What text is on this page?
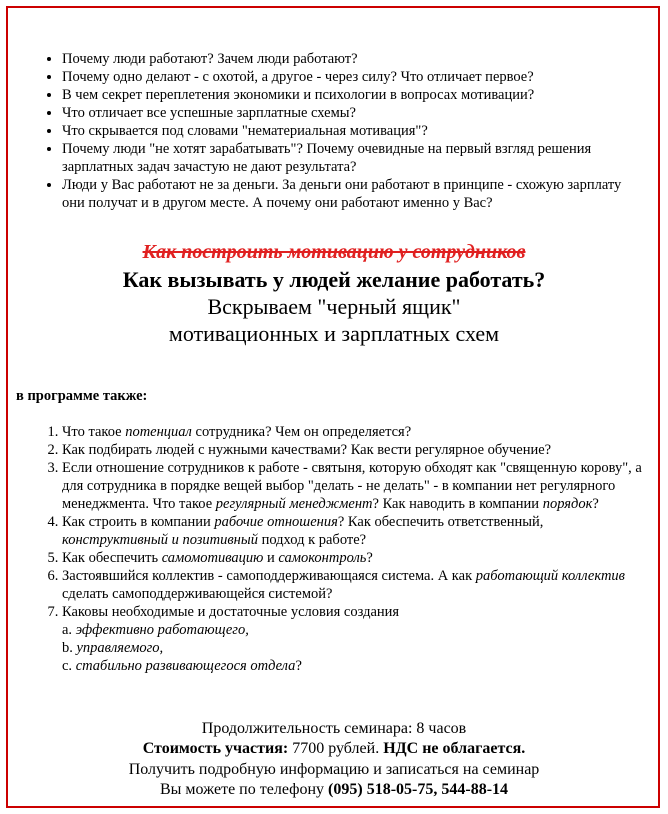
• Почему люди работают? Зачем люди работают?
• Почему одно делают - с охотой, а другое - через силу? Что отличает первое?
• В чем секрет переплетения экономики и психологии в вопросах мотивации?
• Что отличает все успешные зарплатные схемы?
• Что скрывается под словами "нематериальная мотивация"?
• Почему люди "не хотят зарабатывать"? Почему очевидные на первый взгляд решения зарплатных задач зачастую не дают результата?
• Люди у Вас работают не за деньги. За деньги они работают в принципе - схожую зарплату они получат и в другом месте. А почему они работают именно у Вас?
Как построить мотивацию у сотрудников
Как вызывать у людей желание работать?
Вскрываем "черный ящик"
мотивационных и зарплатных схем
в программе также:
1. Что такое потенциал сотрудника? Чем он определяется?
2. Как подбирать людей с нужными качествами? Как вести регулярное обучение?
3. Если отношение сотрудников к работе - святыня, которую обходят как "священную корову", а для сотрудника в порядке вещей выбор "делать - не делать" - в компании нет регулярного менеджмента. Что такое регулярный менеджмент? Как наводить в компании порядок?
4. Как строить в компании рабочие отношения? Как обеспечить ответственный, конструктивный и позитивный подход к работе?
5. Как обеспечить самомотивацию и самоконтроль?
6. Застоявшийся коллектив - самоподдерживающаяся система. А как работающий коллектив сделать самоподдерживающейся системой?
7. Каковы необходимые и достаточные условия создания
a. эффективно работающего,
b. управляемого,
c. стабильно развивающегося отдела?
Продолжительность семинара: 8 часов
Стоимость участия: 7700 рублей. НДС не облагается.
Получить подробную информацию и записаться на семинар
Вы можете по телефону (095) 518-05-75, 544-88-14
